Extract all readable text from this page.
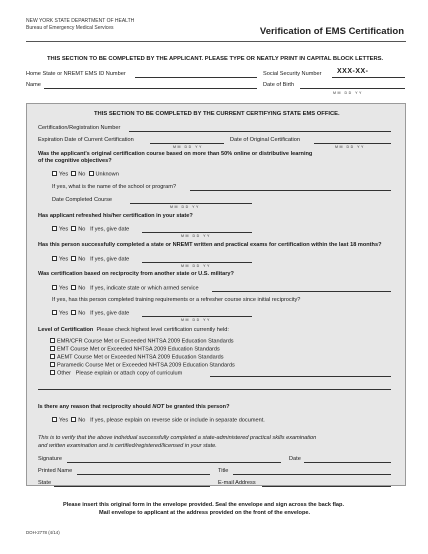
NEW YORK STATE DEPARTMENT OF HEALTH
Bureau of Emergency Medical Services	Verification of EMS Certification
THIS SECTION TO BE COMPLETED BY THE APPLICANT. PLEASE TYPE OR NEATLY PRINT IN CAPITAL BLOCK LETTERS.
Home State or NREMT EMS ID Number	Social Security Number XXX-XX-
Name	Date of Birth
MM DD YY
THIS SECTION TO BE COMPLETED BY THE CURRENT CERTIFYING STATE EMS OFFICE.
Certification/Registration Number
Expiration Date of Current Certification
MM DD YY
Date of Original Certification
MM DD YY
Was the applicant's original certification course based on more than 50% online or distributive learning
of the cognitive objectives?
Yes No Unknown
If yes, what is the name of the school or program?
Date Completed Course
MM DD YY
Has applicant refreshed his/her certification in your state?
Yes No If yes, give date
MM DD YY
Has this person successfully completed a state or NREMT written and practical exams for certification within the last 18 months?
Yes No If yes, give date
MM DD YY
Was certification based on reciprocity from another state or U.S. military?
Yes No If yes, indicate state or which armed service
If yes, has this person completed training requirements or a refresher course since initial reciprocity?
Yes No If yes, give date
MM DD YY
Level of Certification Please check highest level certification currently held:
EMR/CFR Course Met or Exceeded NHTSA 2009 Education Standards
EMT Course Met or Exceeded NHTSA 2009 Education Standards
AEMT Course Met or Exceeded NHTSA 2009 Education Standards
Paramedic Course Met or Exceeded NHTSA 2009 Education Standards
Other Please explain or attach copy of curriculum
Is there any reason that reciprocity should NOT be granted this person?
Yes No If yes, please explain on reverse side or include in separate document.
This is to verify that the above individual successfully completed a state-administered practical skills examination
and written examination and is certified/registered/licensed in your state.
Signature	Date
Printed Name	Title
State	E-mail Address
Please insert this original form in the envelope provided. Seal the envelope and sign across the back flap.
Mail envelope to applicant at the address provided on the front of the envelope.
DOH-2778 (4/14)
